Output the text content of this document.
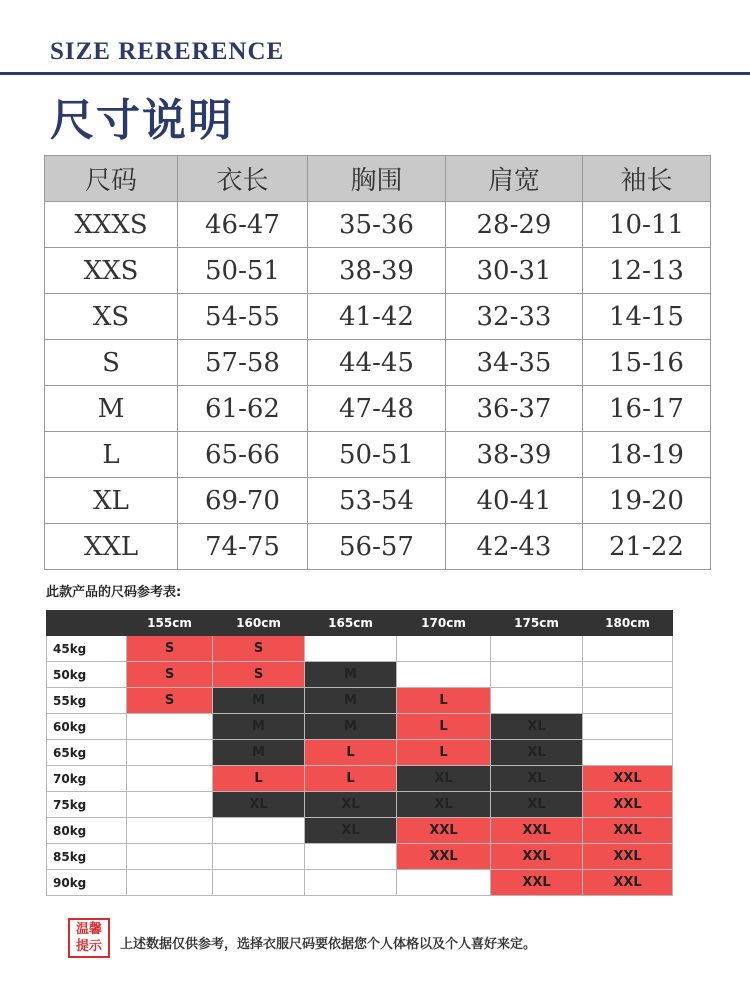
SIZE RERERENCE
尺寸说明
尺码	衣长	胸围	肩宽	袖长
XXXS	46-47	35-36	28-29	10-11
XXS	50-51	38-39	30-31	12-13
XS	54-55	41-42	32-33	14-15
S	57-58	44-45	34-35	15-16
M	61-62	47-48	36-37	16-17
L	65-66	50-51	38-39	18-19
XL	69-70	53-54	40-41	19-20
XXL	74-75	56-57	42-43	21-22
此款产品的尺码参考表:
	155cm	160cm	165cm	170cm	175cm	180cm
45kg	S	S				
50kg	S	S	M			
55kg	S	M	M	L		
60kg		M	M	L	XL	
65kg		M	L	L	XL	
70kg		L	L	XL	XL	XXL
75kg		XL	XL	XL	XL	XXL
80kg			XL	XXL	XXL	XXL
85kg				XXL	XXL	XXL
90kg					XXL	XXL
温馨
提示 上述数据仅供参考，选择衣服尺码要依据您个人体格以及个人喜好来定。
